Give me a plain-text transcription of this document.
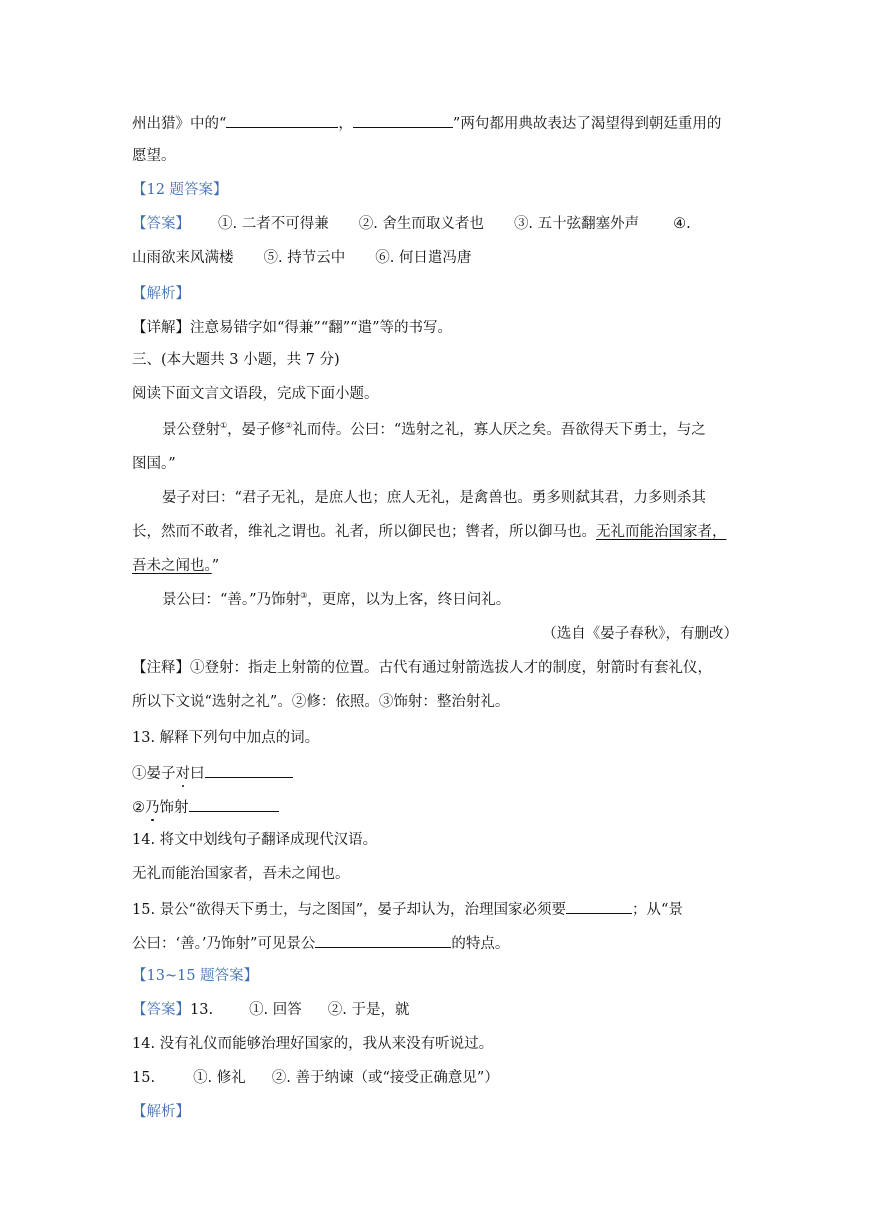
州出猎》中的“	，	”两句都用典故表达了渴望得到朝廷重用的
愿望。
【12 题答案】
【答案】 ①. 二者不可得兼 ②. 舍生而取义者也 ③. 五十弦翻塞外声 ④.
山雨欲来风满楼 ⑤. 持节云中 ⑥. 何日遣冯唐
【解析】
【详解】注意易错字如“得兼”“翻”“遣”等的书写。
三、(本大题共 3 小题，共 7 分)
阅读下面文言文语段，完成下面小题。
景公登射①，晏子修②礼而侍。公曰：“选射之礼，寡人厌之矣。吾欲得天下勇士，与之
图国。”
晏子对曰：“君子无礼，是庶人也；庶人无礼，是禽兽也。勇多则弑其君，力多则杀其
长，然而不敢者，维礼之谓也。礼者，所以御民也；辔者，所以御马也。无礼而能治国家者，
吾未之闻也。”
景公曰：“善。”乃饰射③，更席，以为上客，终日问礼。
（选自《晏子春秋》，有删改）
【注释】①登射：指走上射箭的位置。古代有通过射箭选拔人才的制度，射箭时有套礼仪，
所以下文说“选射之礼”。②修：依照。③饰射：整治射礼。
13. 解释下列句中加点的词。
①晏子对曰
②乃饰射
14. 将文中划线句子翻译成现代汉语。
无礼而能治国家者，吾未之闻也。
15. 景公“欲得天下勇士，与之图国”，晏子却认为，治理国家必须要	；从“景
公曰：‘善。’乃饰射”可见景公	的特点。
【13~15 题答案】
【答案】13. ①. 回答 ②. 于是，就
14. 没有礼仪而能够治理好国家的，我从来没有听说过。
15.	①. 修礼 ②. 善于纳谏（或“接受正确意见”）
【解析】
